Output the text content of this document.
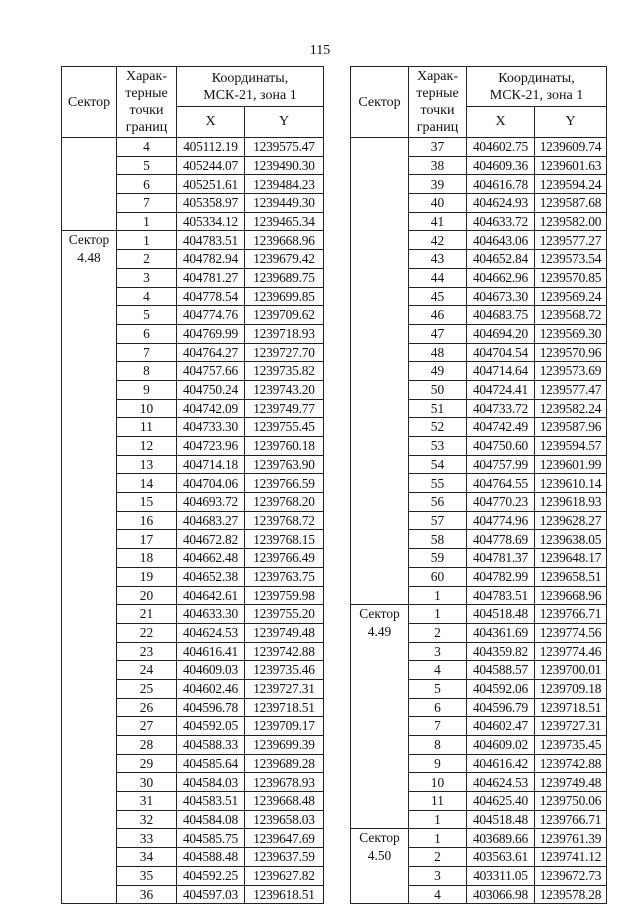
115
Сектор	Харак-
терные
точки
границ	Координаты,
МСК-21, зона 1	
		X	Y
	4	405112.19	1239575.47
	5	405244.07	1239490.30
	6	405251.61	1239484.23
	7	405358.97	1239449.30
	1	405334.12	1239465.34
Сектор
4.48	1	404783.51	1239668.96
	2	404782.94	1239679.42
	3	404781.27	1239689.75
	4	404778.54	1239699.85
	5	404774.76	1239709.62
	6	404769.99	1239718.93
	7	404764.27	1239727.70
	8	404757.66	1239735.82
	9	404750.24	1239743.20
	10	404742.09	1239749.77
	11	404733.30	1239755.45
	12	404723.96	1239760.18
	13	404714.18	1239763.90
	14	404704.06	1239766.59
	15	404693.72	1239768.20
	16	404683.27	1239768.72
	17	404672.82	1239768.15
	18	404662.48	1239766.49
	19	404652.38	1239763.75
	20	404642.61	1239759.98
	21	404633.30	1239755.20
	22	404624.53	1239749.48
	23	404616.41	1239742.88
	24	404609.03	1239735.46
	25	404602.46	1239727.31
	26	404596.78	1239718.51
	27	404592.05	1239709.17
	28	404588.33	1239699.39
	29	404585.64	1239689.28
	30	404584.03	1239678.93
	31	404583.51	1239668.48
	32	404584.08	1239658.03
	33	404585.75	1239647.69
	34	404588.48	1239637.59
	35	404592.25	1239627.82
	36	404597.03	1239618.51
Сектор	Харак-
терные
точки
границ	Координаты,
МСК-21, зона 1	
		X	Y
	37	404602.75	1239609.74
	38	404609.36	1239601.63
	39	404616.78	1239594.24
	40	404624.93	1239587.68
	41	404633.72	1239582.00
	42	404643.06	1239577.27
	43	404652.84	1239573.54
	44	404662.96	1239570.85
	45	404673.30	1239569.24
	46	404683.75	1239568.72
	47	404694.20	1239569.30
	48	404704.54	1239570.96
	49	404714.64	1239573.69
	50	404724.41	1239577.47
	51	404733.72	1239582.24
	52	404742.49	1239587.96
	53	404750.60	1239594.57
	54	404757.99	1239601.99
	55	404764.55	1239610.14
	56	404770.23	1239618.93
	57	404774.96	1239628.27
	58	404778.69	1239638.05
	59	404781.37	1239648.17
	60	404782.99	1239658.51
	1	404783.51	1239668.96
Сектор
4.49	1	404518.48	1239766.71
	2	404361.69	1239774.56
	3	404359.82	1239774.46
	4	404588.57	1239700.01
	5	404592.06	1239709.18
	6	404596.79	1239718.51
	7	404602.47	1239727.31
	8	404609.02	1239735.45
	9	404616.42	1239742.88
	10	404624.53	1239749.48
	11	404625.40	1239750.06
	1	404518.48	1239766.71
Сектор
4.50	1	403689.66	1239761.39
	2	403563.61	1239741.12
	3	403311.05	1239672.73
	4	403066.98	1239578.28
